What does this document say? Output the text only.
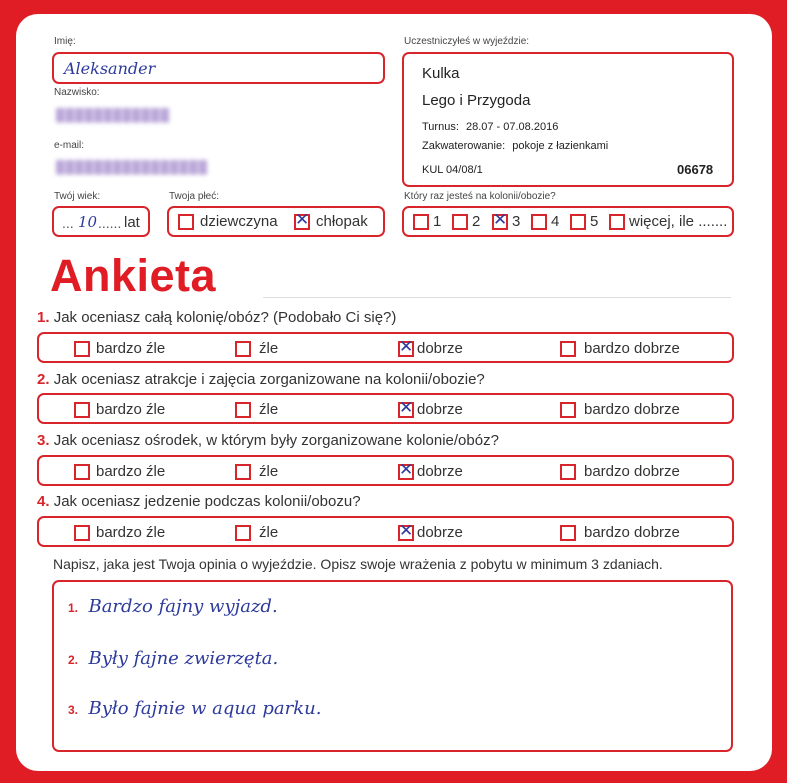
Imię:
Aleksander
Nazwisko:
████████████
e-mail:
████████████████
Twój wiek:
... 10 ...... lat
Twoja płeć:
dziewczyna ✕	chłopak
Uczestniczyłeś w wyjeździe:
Kulka
Lego i Przygoda
Turnus: 28.07 - 07.08.2016
Zakwaterowanie: pokoje z łazienkami
KUL 04/08/1	06678
Który raz jesteś na kolonii/obozie?
1	2 ✕	3	4	5	więcej, ile .......
Ankieta
1. Jak oceniasz całą kolonię/obóz? (Podobało Ci się?)
bardzo źle	źle ✕	dobrze	bardzo dobrze
2. Jak oceniasz atrakcje i zajęcia zorganizowane na kolonii/obozie?
bardzo źle	źle ✕	dobrze	bardzo dobrze
3. Jak oceniasz ośrodek, w którym były zorganizowane kolonie/obóz?
bardzo źle	źle ✕	dobrze	bardzo dobrze
4. Jak oceniasz jedzenie podczas kolonii/obozu?
bardzo źle	źle ✕	dobrze	bardzo dobrze
Napisz, jaka jest Twoja opinia o wyjeździe. Opisz swoje wrażenia z pobytu w minimum 3 zdaniach.
1. Bardzo fajny wyjazd.
2. Były fajne zwierzęta.
3. Było fajnie w aqua parku.
